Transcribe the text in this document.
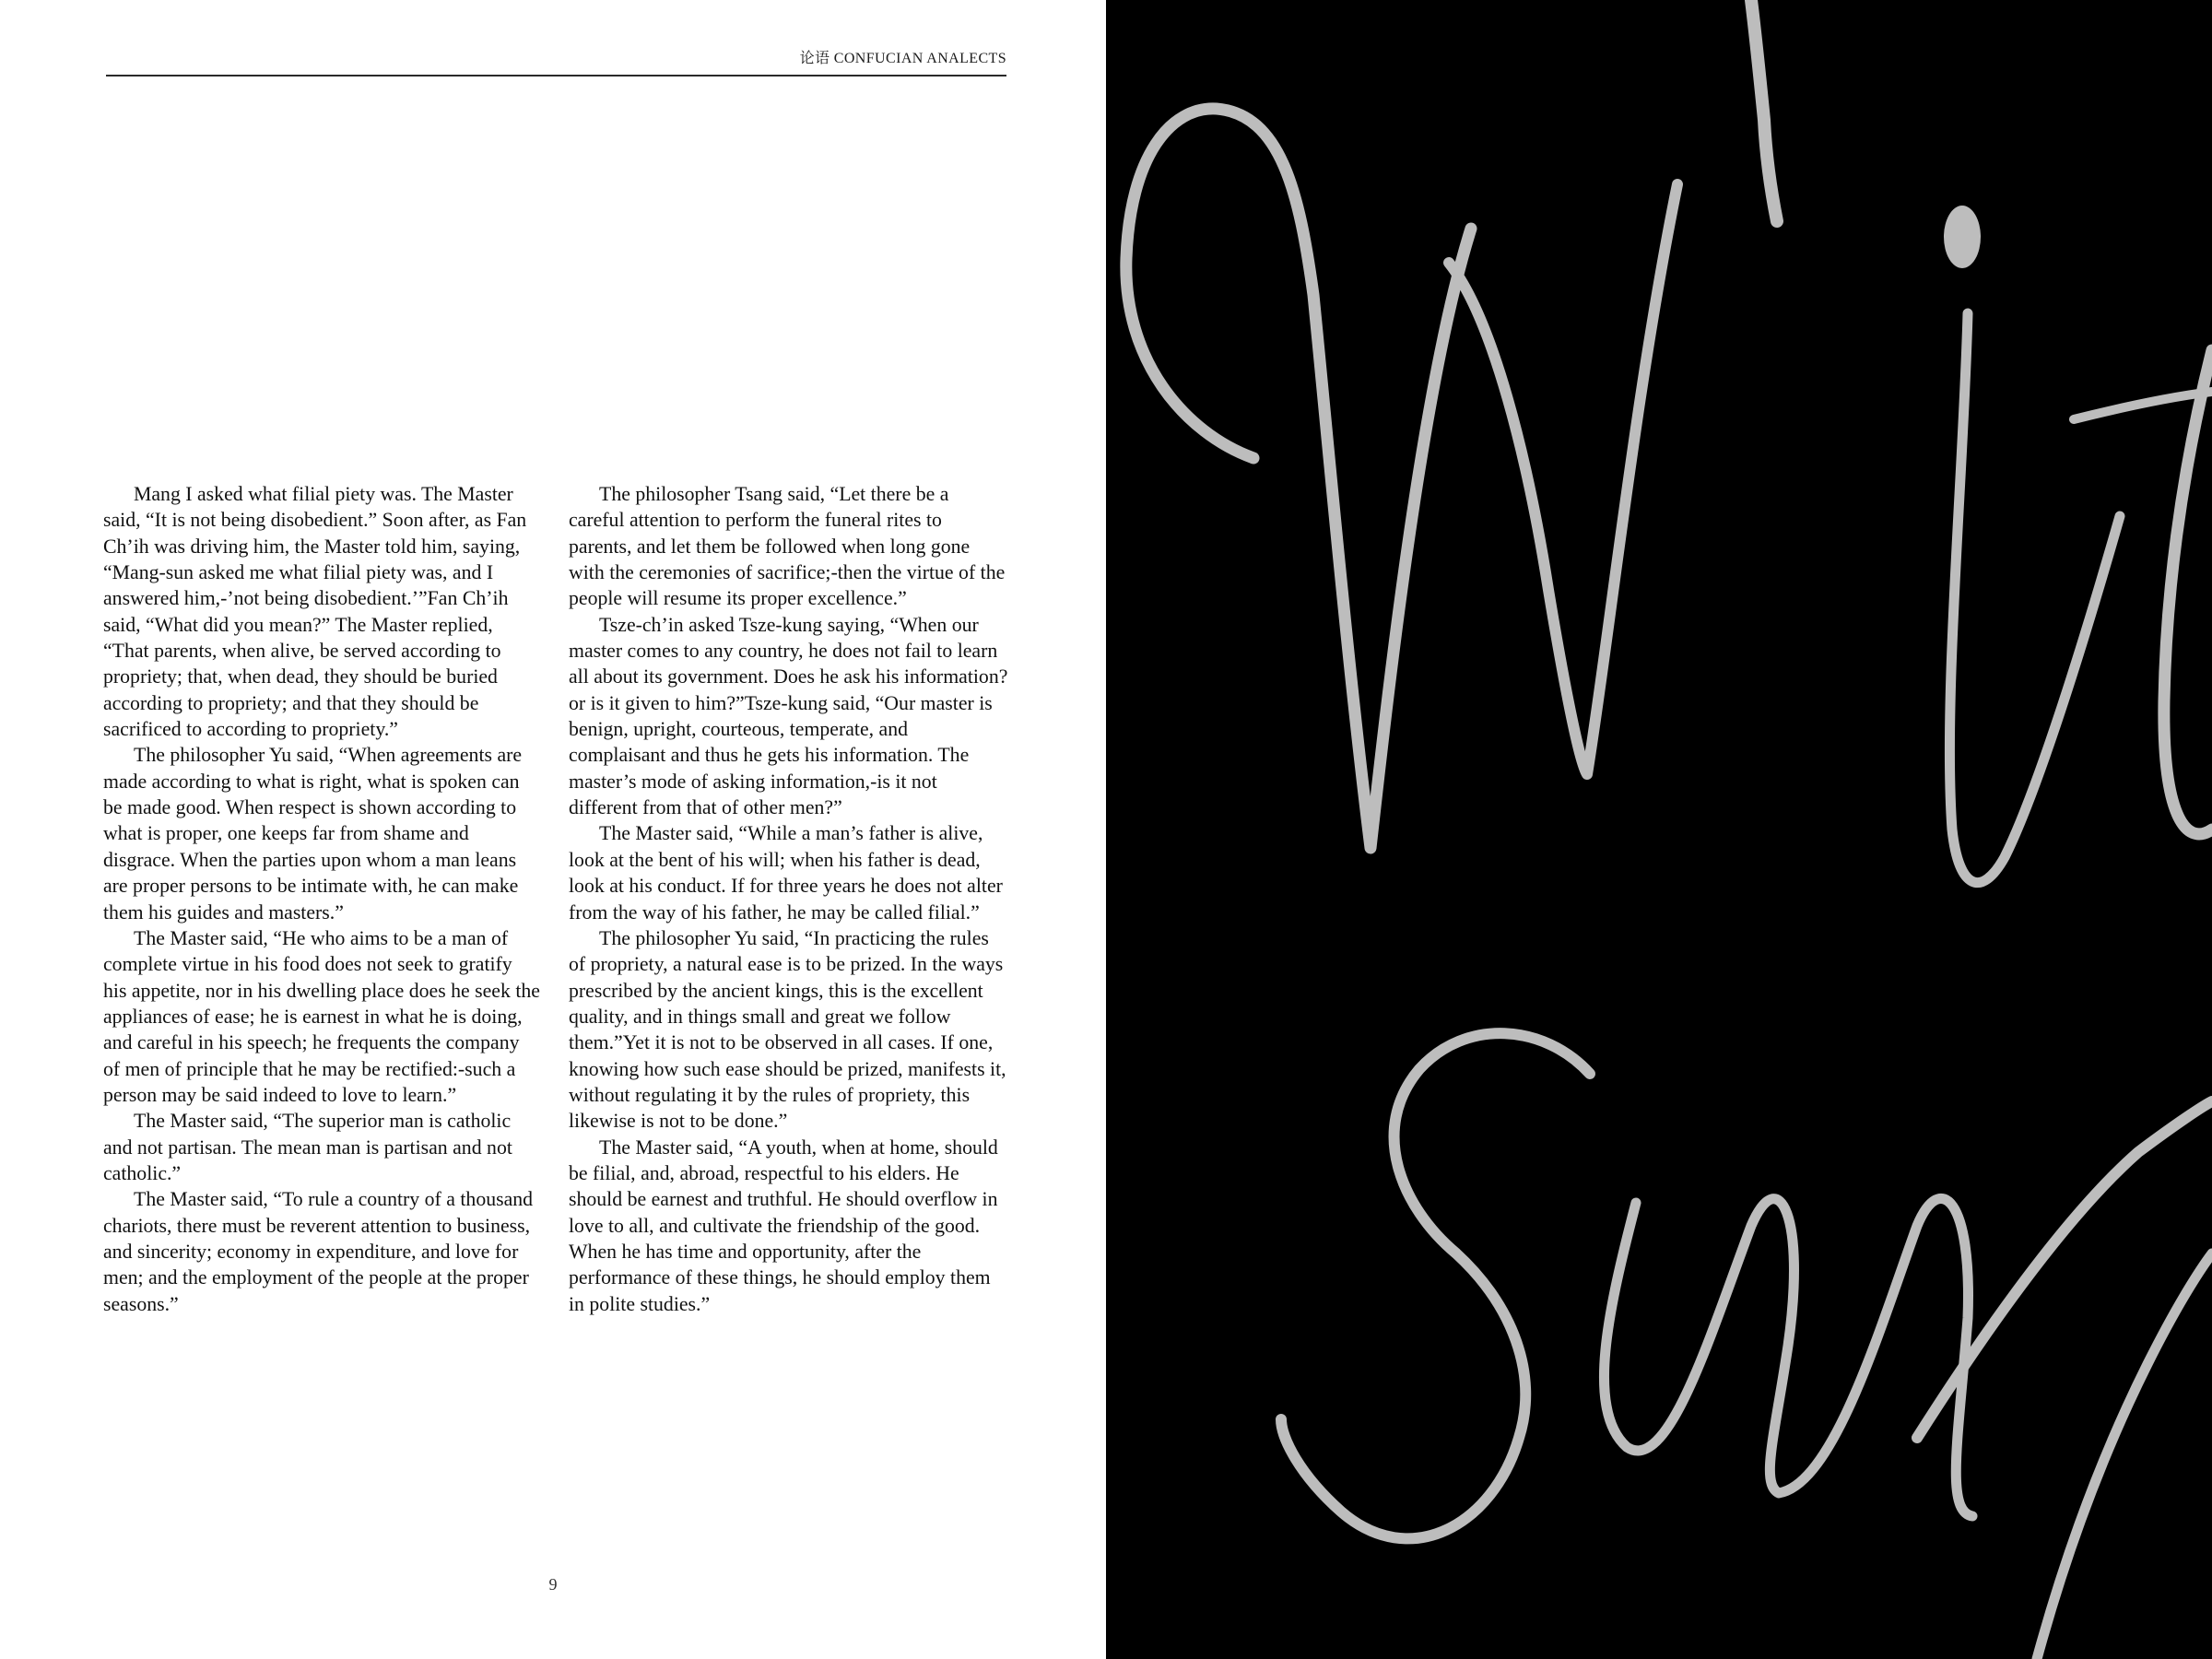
论语 CONFUCIAN ANALECTS

Mang I asked what filial piety was. The Master said, “It is not being disobedient.” Soon after, as Fan Ch’ih was driving him, the Master told him, saying, “Mang-sun asked me what filial piety was, and I answered him,-’not being disobedient.’”Fan Ch’ih said, “What did you mean?” The Master replied, “That parents, when alive, be served according to propriety; that, when dead, they should be buried according to propriety; and that they should be sacrificed to according to propriety.”

The philosopher Yu said, “When agreements are made according to what is right, what is spoken can be made good. When respect is shown according to what is proper, one keeps far from shame and disgrace. When the parties upon whom a man leans are proper persons to be intimate with, he can make them his guides and masters.”

The Master said, “He who aims to be a man of complete virtue in his food does not seek to gratify his appetite, nor in his dwelling place does he seek the appliances of ease; he is earnest in what he is doing, and careful in his speech; he frequents the company of men of principle that he may be rectified:-such a person may be said indeed to love to learn.”

The Master said, “The superior man is catholic and not partisan. The mean man is partisan and not catholic.”

The Master said, “To rule a country of a thousand chariots, there must be reverent attention to business, and sincerity; economy in expenditure, and love for men; and the employment of the people at the proper seasons.”

The philosopher Tsang said, “Let there be a careful attention to perform the funeral rites to parents, and let them be followed when long gone with the ceremonies of sacrifice;-then the virtue of the people will resume its proper excellence.”

Tsze-ch’in asked Tsze-kung saying, “When our master comes to any country, he does not fail to learn all about its government. Does he ask his information? or is it given to him?”Tsze-kung said, “Our master is benign, upright, courteous, temperate, and complaisant and thus he gets his information. The master’s mode of asking information,-is it not different from that of other men?”

The Master said, “While a man’s father is alive, look at the bent of his will; when his father is dead, look at his conduct. If for three years he does not alter from the way of his father, he may be called filial.”

The philosopher Yu said, “In practicing the rules of propriety, a natural ease is to be prized. In the ways prescribed by the ancient kings, this is the excellent quality, and in things small and great we follow them.”Yet it is not to be observed in all cases. If one, knowing how such ease should be prized, manifests it, without regulating it by the rules of propriety, this likewise is not to be done.”

The Master said, “A youth, when at home, should be filial, and, abroad, respectful to his elders. He should be earnest and truthful. He should overflow in love to all, and cultivate the friendship of the good. When he has time and opportunity, after the performance of these things, he should employ them in polite studies.”

9
